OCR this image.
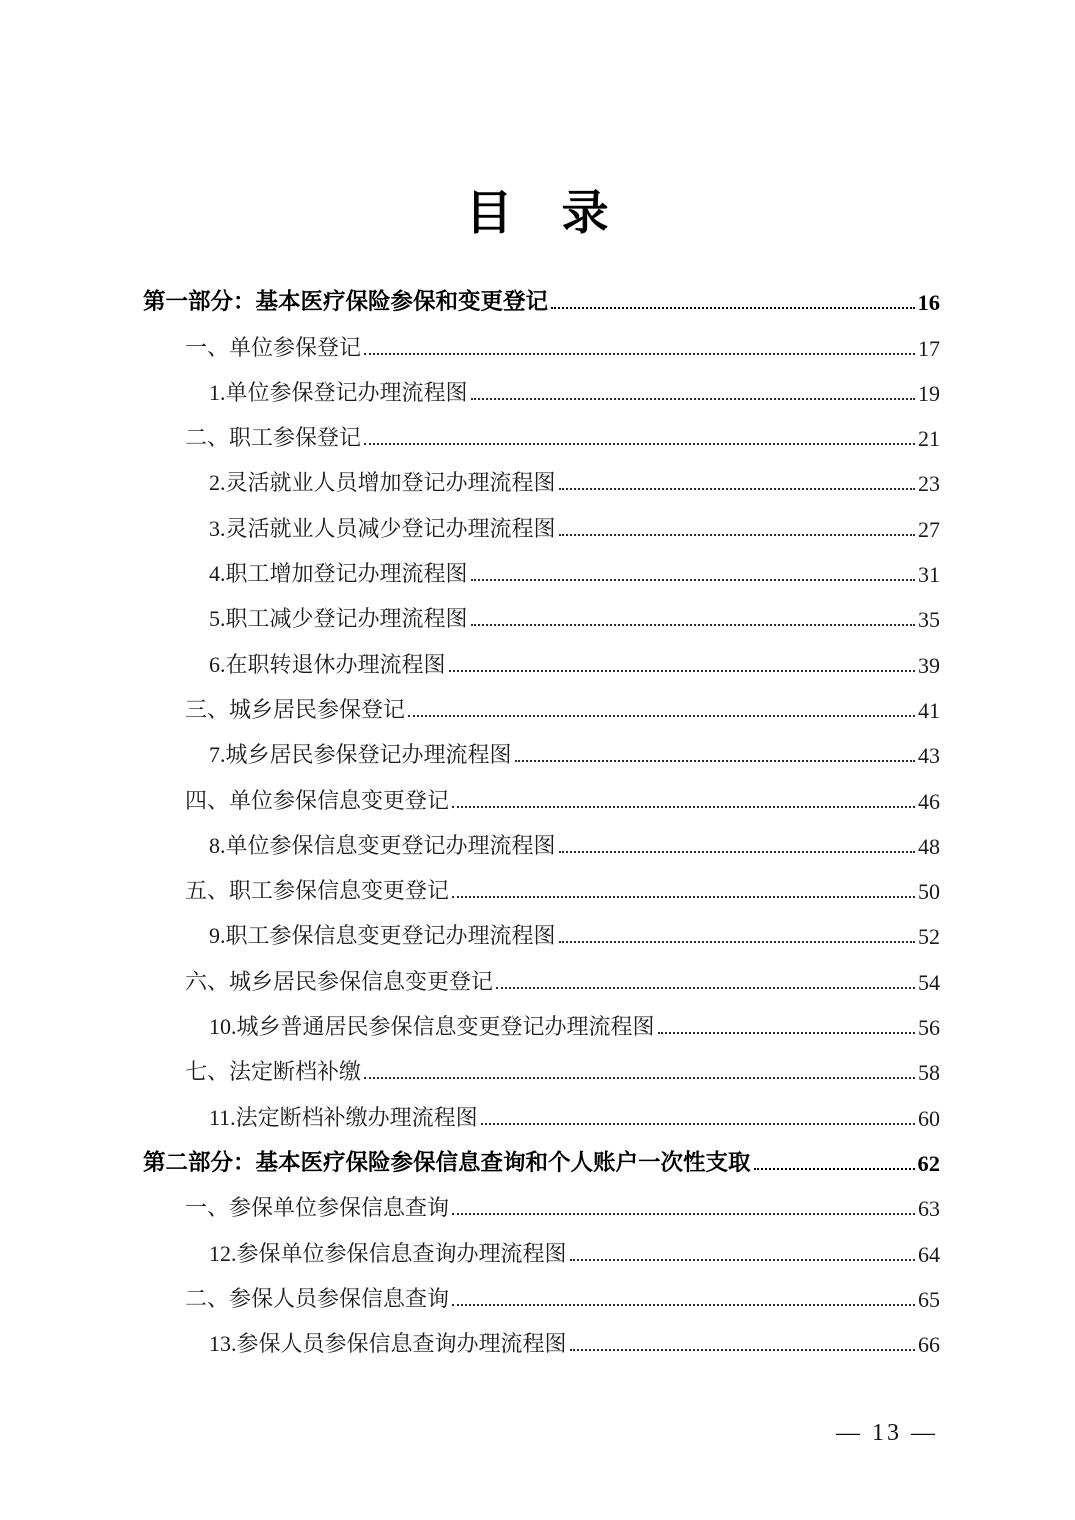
目　录
第一部分：基本医疗保险参保和变更登记	16
一、单位参保登记	17
1.单位参保登记办理流程图	19
二、职工参保登记	21
2.灵活就业人员增加登记办理流程图	23
3.灵活就业人员减少登记办理流程图	27
4.职工增加登记办理流程图	31
5.职工减少登记办理流程图	35
6.在职转退休办理流程图	39
三、城乡居民参保登记	41
7.城乡居民参保登记办理流程图	43
四、单位参保信息变更登记	46
8.单位参保信息变更登记办理流程图	48
五、职工参保信息变更登记	50
9.职工参保信息变更登记办理流程图	52
六、城乡居民参保信息变更登记	54
10.城乡普通居民参保信息变更登记办理流程图	56
七、法定断档补缴	58
11.法定断档补缴办理流程图	60
第二部分：基本医疗保险参保信息查询和个人账户一次性支取	62
一、参保单位参保信息查询	63
12.参保单位参保信息查询办理流程图	64
二、参保人员参保信息查询	65
13.参保人员参保信息查询办理流程图	66
— 13 —
